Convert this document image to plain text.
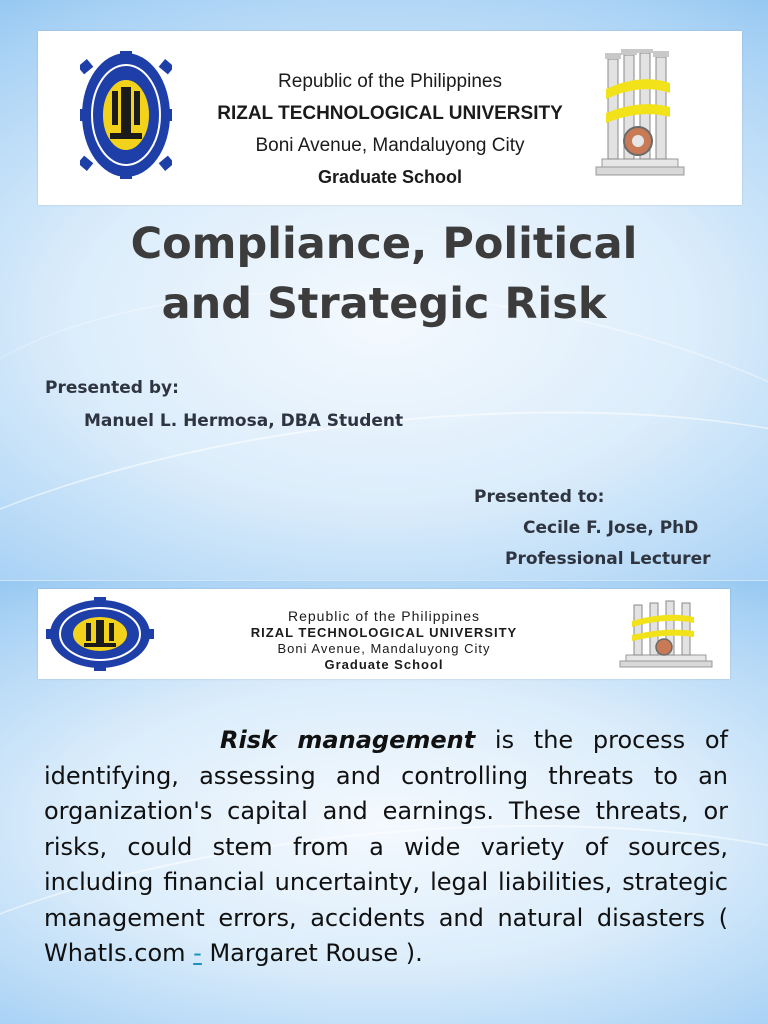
Republic of the Philippines
RIZAL TECHNOLOGICAL UNIVERSITY
Boni Avenue, Mandaluyong City
Graduate School
Compliance, Political
and Strategic Risk
Presented by:
Manuel L. Hermosa, DBA Student
Presented to:
Cecile F. Jose, PhD
Professional Lecturer
Republic of the Philippines
RIZAL TECHNOLOGICAL UNIVERSITY
Boni Avenue, Mandaluyong City
Graduate School
Risk management is the process of identifying, assessing and controlling threats to an organization's capital and earnings. These threats, or risks, could stem from a wide variety of sources, including financial uncertainty, legal liabilities, strategic management errors, accidents and natural disasters ( WhatIs.com - Margaret Rouse ).
